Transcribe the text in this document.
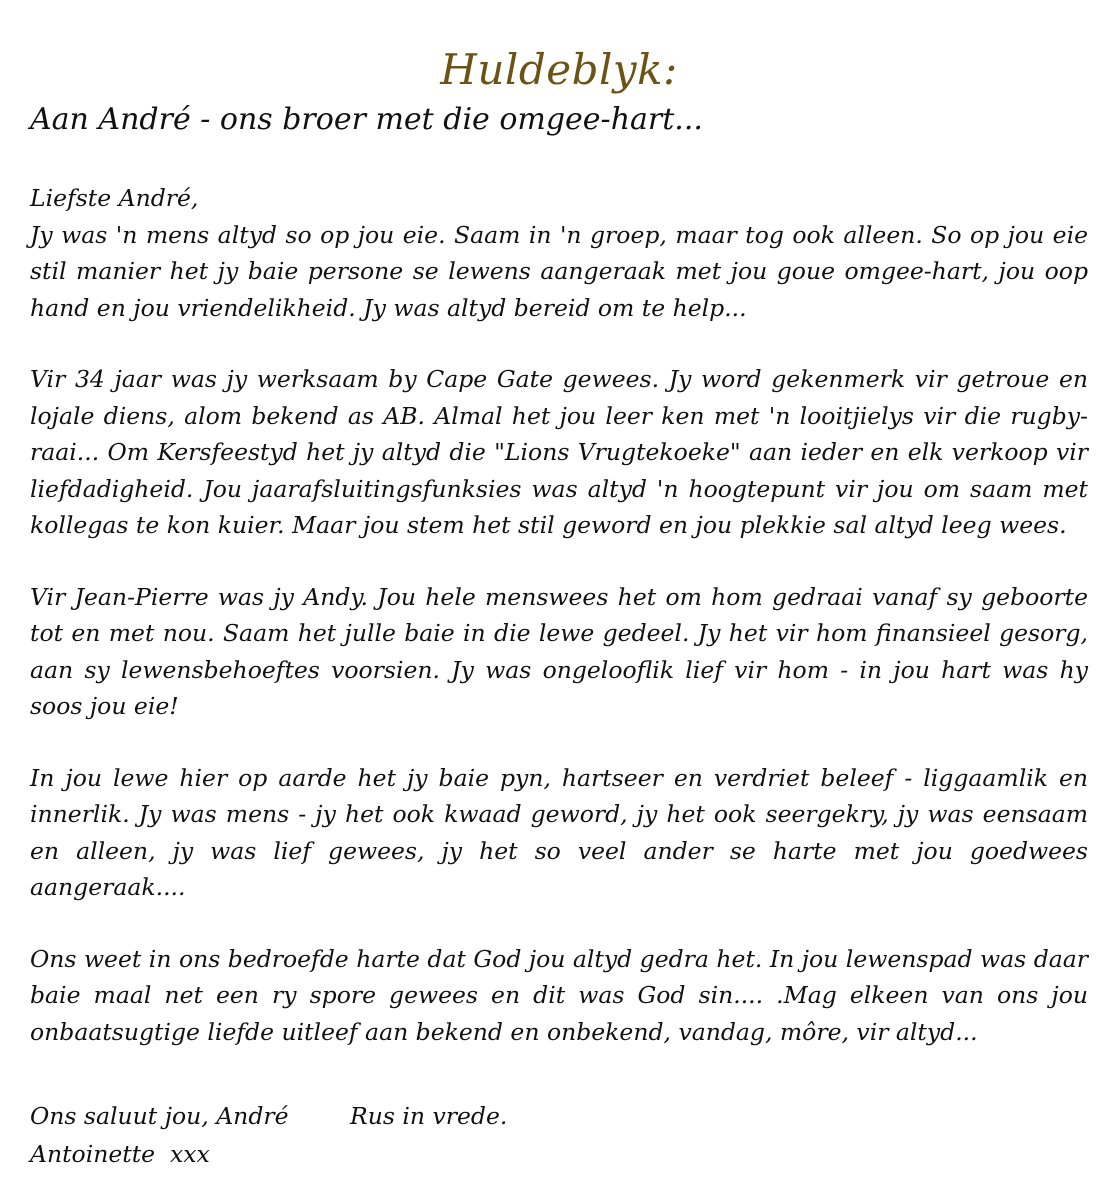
Huldeblyk:
Aan André - ons broer met die omgee-hart...

Liefste André,

Jy was 'n mens altyd so op jou eie. Saam in 'n groep, maar tog ook alleen. So op jou eie stil manier het jy baie persone se lewens aangeraak met jou goue omgee-hart, jou oop hand en jou vriendelikheid. Jy was altyd bereid om te help...

Vir 34 jaar was jy werksaam by Cape Gate gewees. Jy word gekenmerk vir getroue en lojale diens, alom bekend as AB. Almal het jou leer ken met 'n looitjielys vir die rugby-raai... Om Kersfeestyd het jy altyd die "Lions Vrugtekoeke" aan ieder en elk verkoop vir liefdadigheid. Jou jaarafsluitingsfunksies was altyd 'n hoogtepunt vir jou om saam met kollegas te kon kuier. Maar jou stem het stil geword en jou plekkie sal altyd leeg wees.

Vir Jean-Pierre was jy Andy. Jou hele menswees het om hom gedraai vanaf sy geboorte tot en met nou. Saam het julle baie in die lewe gedeel. Jy het vir hom finansieel gesorg, aan sy lewensbehoeftes voorsien. Jy was ongelooflik lief vir hom - in jou hart was hy soos jou eie!

In jou lewe hier op aarde het jy baie pyn, hartseer en verdriet beleef - liggaamlik en innerlik. Jy was mens - jy het ook kwaad geword, jy het ook seergekry, jy was eensaam en alleen, jy was lief gewees, jy het so veel ander se harte met jou goedwees aangeraak....

Ons weet in ons bedroefde harte dat God jou altyd gedra het. In jou lewenspad was daar baie maal net een ry spore gewees en dit was God sin.... .Mag elkeen van ons jou onbaatsugtige liefde uitleef aan bekend en onbekend, vandag, môre, vir altyd...

Ons saluut jou, André	Rus in vrede.
Antoinette  xxx
